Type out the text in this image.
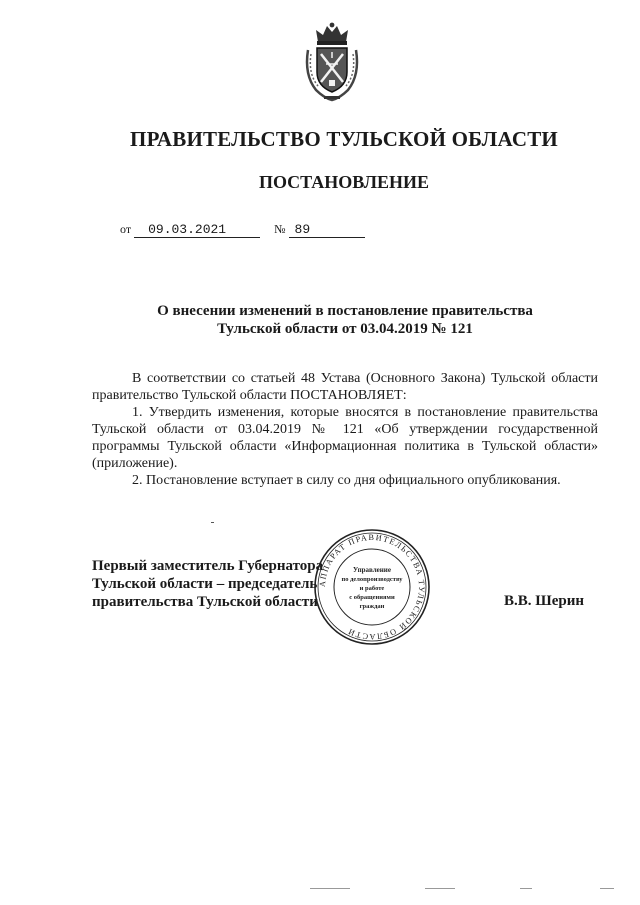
ПРАВИТЕЛЬСТВО ТУЛЬСКОЙ ОБЛАСТИ
ПОСТАНОВЛЕНИЕ
от 09.03.2021	№ 89
О внесении изменений в постановление правительства
Тульской области от 03.04.2019 № 121

В соответствии со статьей 48 Устава (Основного Закона) Тульской области правительство Тульской области ПОСТАНОВЛЯЕТ:

1. Утвердить изменения, которые вносятся в постановление правительства Тульской области от 03.04.2019 № 121 «Об утверждении государственной программы Тульской области «Информационная политика в Тульской области» (приложение).

2. Постановление вступает в силу со дня официального опубликования.

Первый заместитель Губернатора
Тульской области – председатель
правительства Тульской области
АППАРАТ ПРАВИТЕЛЬСТВА ТУЛЬСКОЙ ОБЛАСТИ
Управление
по делопроизводству
и работе
с обращениями
граждан	В.В. Шерин
